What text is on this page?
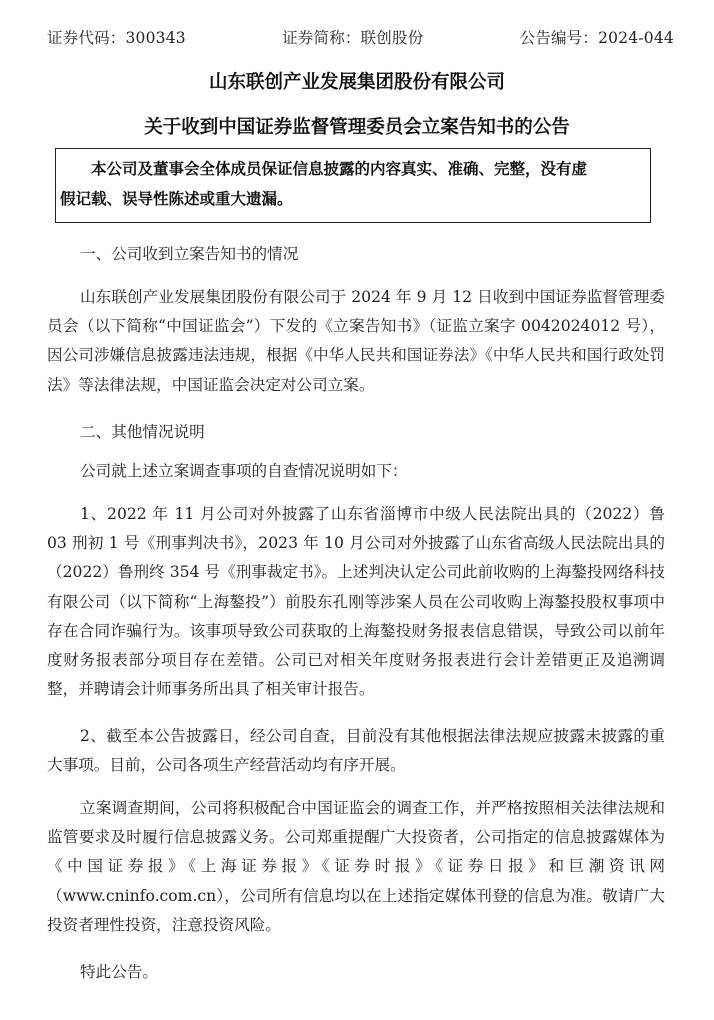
证券代码：300343	证券简称：联创股份	公告编号：2024-044
山东联创产业发展集团股份有限公司
关于收到中国证券监督管理委员会立案告知书的公告
本公司及董事会全体成员保证信息披露的内容真实、准确、完整，没有虚
假记载、误导性陈述或重大遗漏。

一、公司收到立案告知书的情况

山东联创产业发展集团股份有限公司于 2024 年 9 月 12 日收到中国证券监督管理委员会（以下简称“中国证监会”）下发的《立案告知书》（证监立案字 0042024012 号），因公司涉嫌信息披露违法违规，根据《中华人民共和国证券法》《中华人民共和国行政处罚法》等法律法规，中国证监会决定对公司立案。

二、其他情况说明

公司就上述立案调查事项的自查情况说明如下：

1、2022 年 11 月公司对外披露了山东省淄博市中级人民法院出具的（2022）鲁 03 刑初 1 号《刑事判决书》，2023 年 10 月公司对外披露了山东省高级人民法院出具的（2022）鲁刑终 354 号《刑事裁定书》。上述判决认定公司此前收购的上海鏊投网络科技有限公司（以下简称“上海鏊投”）前股东孔刚等涉案人员在公司收购上海鏊投股权事项中存在合同诈骗行为。该事项导致公司获取的上海鏊投财务报表信息错误，导致公司以前年度财务报表部分项目存在差错。公司已对相关年度财务报表进行会计差错更正及追溯调整，并聘请会计师事务所出具了相关审计报告。

2、截至本公告披露日，经公司自查，目前没有其他根据法律法规应披露未披露的重大事项。目前，公司各项生产经营活动均有序开展。

立案调查期间，公司将积极配合中国证监会的调查工作，并严格按照相关法律法规和监管要求及时履行信息披露义务。公司郑重提醒广大投资者，公司指定的信息披露媒体为《中国证券报》《上海证券报》《证券时报》《证券日报》和巨潮资讯网（www.cninfo.com.cn），公司所有信息均以在上述指定媒体刊登的信息为准。敬请广大投资者理性投资，注意投资风险。

特此公告。
